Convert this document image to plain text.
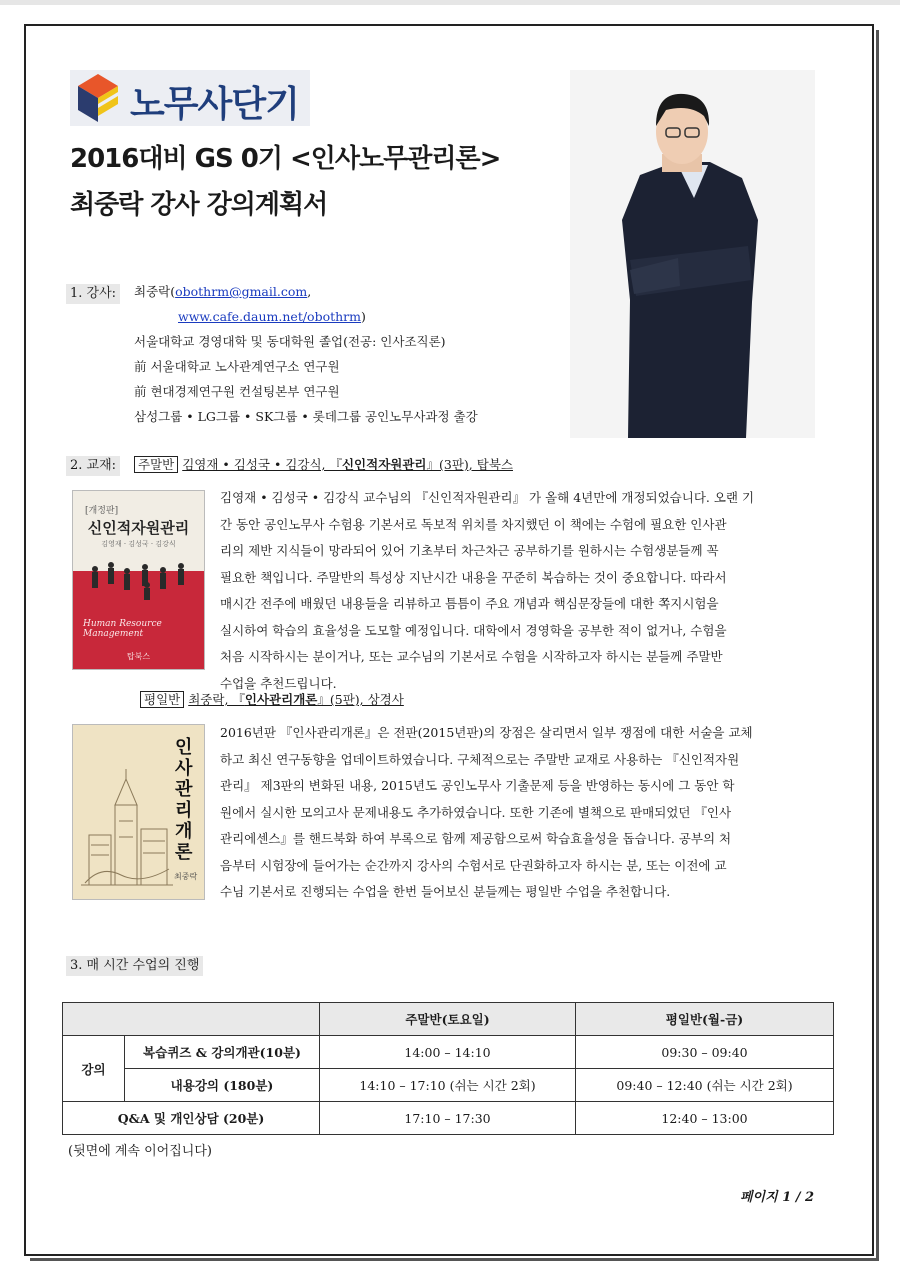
노무사단기
2016대비 GS 0기 <인사노무관리론>
최중락 강사 강의계획서
1. 강사:	최중락(obothrm@gmail.com,
www.cafe.daum.net/obothrm)
서울대학교 경영대학 및 동대학원 졸업(전공: 인사조직론)
前 서울대학교 노사관계연구소 연구원
前 현대경제연구원 컨설팅본부 연구원
삼성그룹 • LG그룹 • SK그룹 • 롯데그룹 공인노무사과정 출강
2. 교재:	주말반 김영재 • 김성국 • 김강식, 『신인적자원관리』(3판), 탑북스
[개정판]
신인적자원관리
김영재 · 김성국 · 김강식
Human Resource Management
탑북스
김영재 • 김성국 • 김강식 교수님의 『신인적자원관리』 가 올해 4년만에 개정되었습니다. 오랜 기
간 동안 공인노무사 수험용 기본서로 독보적 위치를 차지했던 이 책에는 수험에 필요한 인사관
리의 제반 지식들이 망라되어 있어 기초부터 차근차근 공부하기를 원하시는 수험생분들께 꼭
필요한 책입니다. 주말반의 특성상 지난시간 내용을 꾸준히 복습하는 것이 중요합니다. 따라서
매시간 전주에 배웠던 내용들을 리뷰하고 틈틈이 주요 개념과 핵심문장들에 대한 쪽지시험을
실시하여 학습의 효율성을 도모할 예정입니다. 대학에서 경영학을 공부한 적이 없거나, 수험을
처음 시작하시는 분이거나, 또는 교수님의 기본서로 수험을 시작하고자 하시는 분들께 주말반
수업을 추천드립니다.
평일반 최중락, 『인사관리개론』(5판), 상경사
인사관리개론
최중락
2016년판 『인사관리개론』은 전판(2015년판)의 장점은 살리면서 일부 쟁점에 대한 서술을 교체
하고 최신 연구동향을 업데이트하였습니다. 구체적으로는 주말반 교재로 사용하는 『신인적자원
관리』 제3판의 변화된 내용, 2015년도 공인노무사 기출문제 등을 반영하는 동시에 그 동안 학
원에서 실시한 모의고사 문제내용도 추가하였습니다. 또한 기존에 별책으로 판매되었던 『인사
관리에센스』를 핸드북화 하여 부록으로 함께 제공함으로써 학습효율성을 돕습니다. 공부의 처
음부터 시험장에 들어가는 순간까지 강사의 수험서로 단권화하고자 하시는 분, 또는 이전에 교
수님 기본서로 진행되는 수업을 한번 들어보신 분들께는 평일반 수업을 추천합니다.
3. 매 시간 수업의 진행
		주말반(토요일)	평일반(월-금)
강의	복습퀴즈 & 강의개관(10분)	14:00 – 14:10	09:30 – 09:40
	내용강의 (180분)	14:10 – 17:10 (쉬는 시간 2회)	09:40 – 12:40 (쉬는 시간 2회)
Q&A 및 개인상담 (20분)		17:10 – 17:30	12:40 – 13:00
(뒷면에 계속 이어집니다)
페이지 1 / 2
